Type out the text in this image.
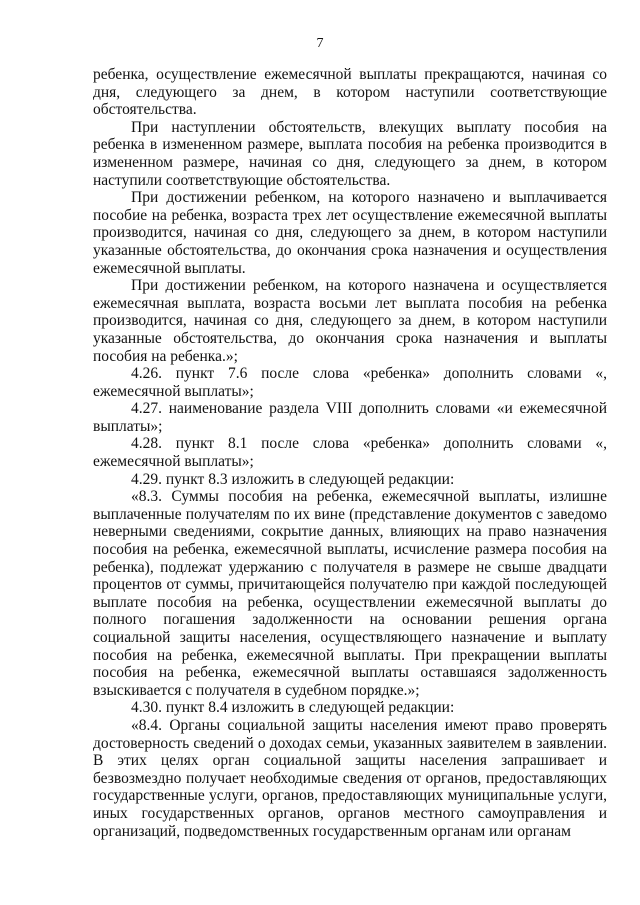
7

ребенка, осуществление ежемесячной выплаты прекращаются, начиная со дня, следующего за днем, в котором наступили соответствующие обстоятельства.

При наступлении обстоятельств, влекущих выплату пособия на ребенка в измененном размере, выплата пособия на ребенка производится в измененном размере, начиная со дня, следующего за днем, в котором наступили соответствующие обстоятельства.

При достижении ребенком, на которого назначено и выплачивается пособие на ребенка, возраста трех лет осуществление ежемесячной выплаты производится, начиная со дня, следующего за днем, в котором наступили указанные обстоятельства, до окончания срока назначения и осуществления ежемесячной выплаты.

При достижении ребенком, на которого назначена и осуществляется ежемесячная выплата, возраста восьми лет выплата пособия на ребенка производится, начиная со дня, следующего за днем, в котором наступили указанные обстоятельства, до окончания срока назначения и выплаты пособия на ребенка.»;

4.26. пункт 7.6 после слова «ребенка» дополнить словами «, ежемесячной выплаты»;

4.27. наименование раздела VIII дополнить словами «и ежемесячной выплаты»;

4.28. пункт 8.1 после слова «ребенка» дополнить словами «, ежемесячной выплаты»;

4.29. пункт 8.3 изложить в следующей редакции:

«8.3. Суммы пособия на ребенка, ежемесячной выплаты, излишне выплаченные получателям по их вине (представление документов с заведомо неверными сведениями, сокрытие данных, влияющих на право назначения пособия на ребенка, ежемесячной выплаты, исчисление размера пособия на ребенка), подлежат удержанию с получателя в размере не свыше двадцати процентов от суммы, причитающейся получателю при каждой последующей выплате пособия на ребенка, осуществлении ежемесячной выплаты до полного погашения задолженности на основании решения органа социальной защиты населения, осуществляющего назначение и выплату пособия на ребенка, ежемесячной выплаты. При прекращении выплаты пособия на ребенка, ежемесячной выплаты оставшаяся задолженность взыскивается с получателя в судебном порядке.»;

4.30. пункт 8.4 изложить в следующей редакции:

«8.4. Органы социальной защиты населения имеют право проверять достоверность сведений о доходах семьи, указанных заявителем в заявлении. В этих целях орган социальной защиты населения запрашивает и безвозмездно получает необходимые сведения от органов, предоставляющих государственные услуги, органов, предоставляющих муниципальные услуги, иных государственных органов, органов местного самоуправления и организаций, подведомственных государственным органам или органам
